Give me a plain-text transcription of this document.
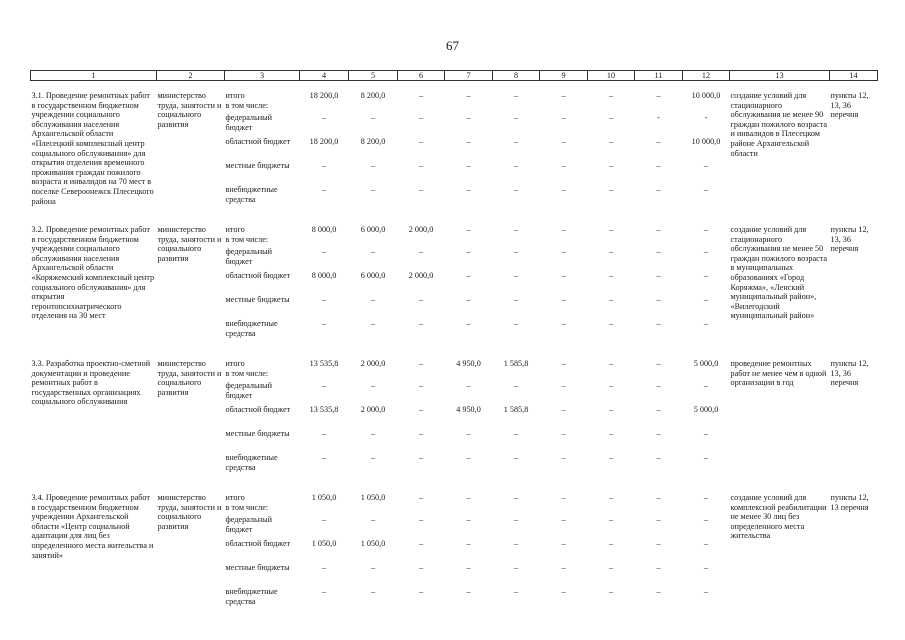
67
1	2	3	4	5	6	7	8	9	10	11	12	13	14

3.1. Проведение ремонтных работ в государственном бюджетном учреждении социального обслуживания населения Архангельской области «Плесецкий комплексный центр социального обслуживания» для открытия отделения временного проживания граждан пожилого возраста и инвалидов на 70 мест в поселке Североонежск Плесецкого района	министерство труда, занятости и социального развития	итого	18 200,0	8 200,0	–	–	–	–	–	–	10 000,0	создание условий для стационарного обслуживания не менее 90 граждан пожилого возраста и инвалидов в Плесецком районе Архангельской области	пункты 12, 13, 36 перечня
		в том числе:											
		федеральный бюджет	–	–	–	–	–	–	–	-	-		
		областной бюджет	18 200,0	8 200,0	–	–	–	–	–	–	10 000,0		
		местные бюджеты	–	–	–	–	–	–	–	–	–		
		внебюджетные средства	–	–	–	–	–	–	–	–	–		

3.2. Проведение ремонтных работ в государственном бюджетном учреждении социального обслуживания населения Архангельской области «Коряжемский комплексный центр социального обслуживания» для открытия геронтопсихиатрического отделения на 30 мест	министерство труда, занятости и социального развития	итого	8 000,0	6 000,0	2 000,0	–	–	–	–	–	–	создание условий для стационарного обслуживания не менее 50 граждан пожилого возраста в муниципальных образованиях «Город Коряжма», «Ленский муниципальный район», «Вилегодский муниципальный район»	пункты 12, 13, 36 перечня
		в том числе:											
		федеральный бюджет	–	–	–	–	–	–	–	–	–		
		областной бюджет	8 000,0	6 000,0	2 000,0	–	–	–	–	–	–		
		местные бюджеты	–	–	–	–	–	–	–	–	–		
		внебюджетные средства	–	–	–	–	–	–	–	–	–		

3.3. Разработка проектно-сметной документации и проведение ремонтных работ в государственных организациях социального обслуживания	министерство труда, занятости и социального развития	итого	13 535,8	2 000,0	–	4 950,0	1 585,8	–	–	–	5 000,0	проведение ремонтных работ не менее чем в одной организации в год	пункты 12, 13, 36 перечня
		в том числе:											
		федеральный бюджет	–	–	–	–	–	–	–	–	–		
		областной бюджет	13 535,8	2 000,0	–	4 950,0	1 585,8	–	–	–	5 000,0		
		местные бюджеты	–	–	–	–	–	–	–	–	–		
		внебюджетные средства	–	–	–	–	–	–	–	–	–		

3.4. Проведение ремонтных работ в государственном бюджетном учреждении Архангельской области «Центр социальной адаптации для лиц без определенного места жительства и занятий»	министерство труда, занятости и социального развития	итого	1 050,0	1 050,0	–	–	–	–	–	–	–	создание условий для комплексной реабилитации не менее 30 лиц без определенного места жительства	пункты 12, 13 перечня
		в том числе:											
		федеральный бюджет	–	–	–	–	–	–	–	–	–		
		областной бюджет	1 050,0	1 050,0	–	–	–	–	–	–	–		
		местные бюджеты	–	–	–	–	–	–	–	–	–		
		внебюджетные средства	–	–	–	–	–	–	–	–	–		
